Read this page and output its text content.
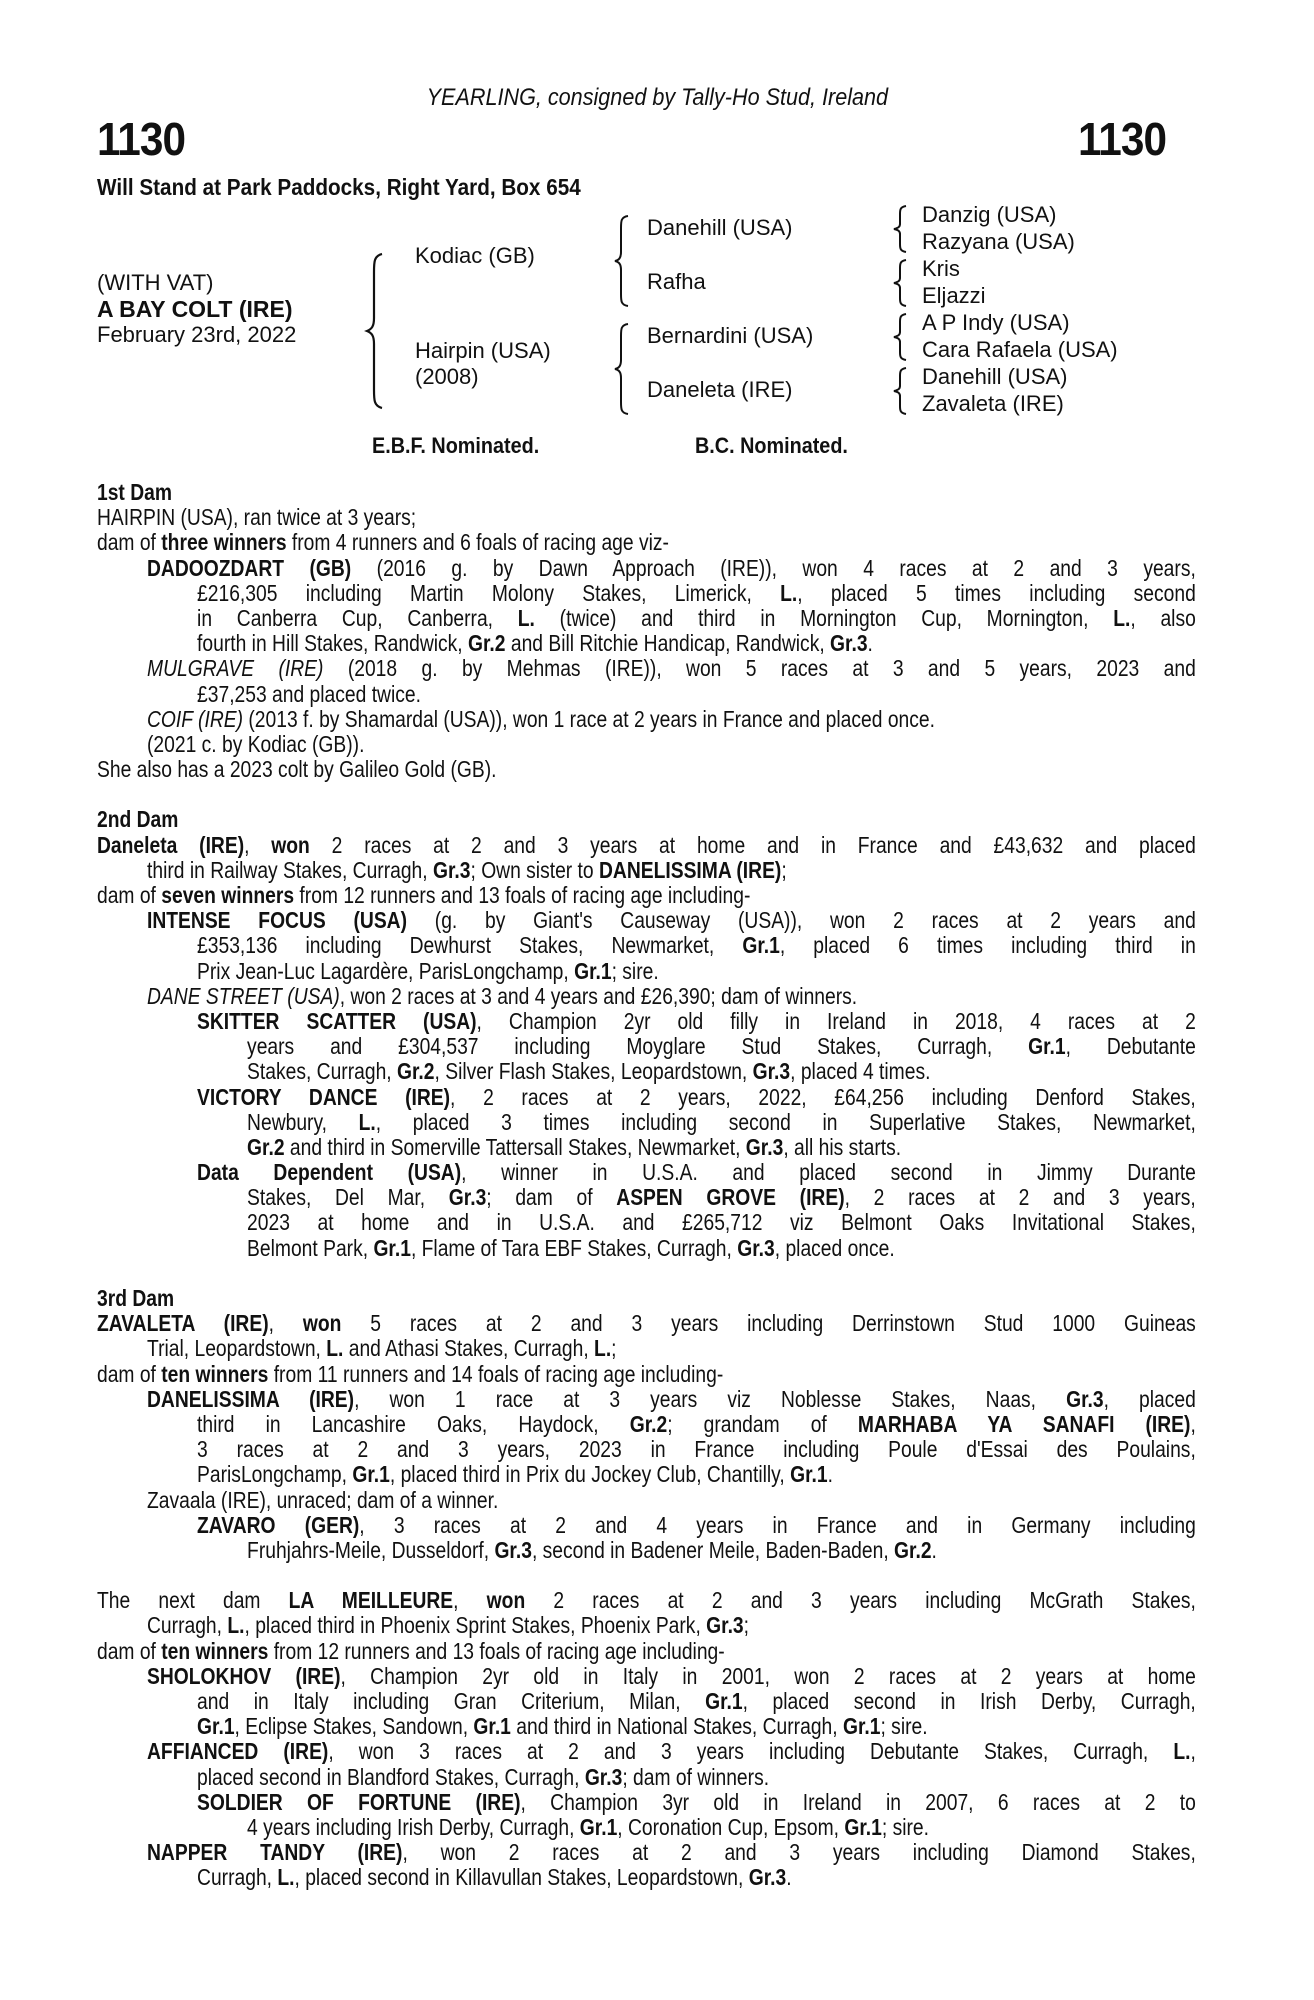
YEARLING, consigned by Tally-Ho Stud, Ireland
1130	1130
Will Stand at Park Paddocks, Right Yard, Box 654
(WITH VAT)
A BAY COLT (IRE)
February 23rd, 2022
Kodiac (GB)
Hairpin (USA)
(2008)
Danehill (USA)
Rafha
Bernardini (USA)
Daneleta (IRE)
Danzig (USA)
Razyana (USA)
Kris
Eljazzi
A P Indy (USA)
Cara Rafaela (USA)
Danehill (USA)
Zavaleta (IRE)
E.B.F. Nominated.	B.C. Nominated.
1st Dam
HAIRPIN (USA), ran twice at 3 years;
dam of three winners from 4 runners and 6 foals of racing age viz-
DADOOZDART (GB) (2016 g. by Dawn Approach (IRE)), won 4 races at 2 and 3 years,
£216,305 including Martin Molony Stakes, Limerick, L., placed 5 times including second
in Canberra Cup, Canberra, L. (twice) and third in Mornington Cup, Mornington, L., also
fourth in Hill Stakes, Randwick, Gr.2 and Bill Ritchie Handicap, Randwick, Gr.3.
MULGRAVE (IRE) (2018 g. by Mehmas (IRE)), won 5 races at 3 and 5 years, 2023 and
£37,253 and placed twice.
COIF (IRE) (2013 f. by Shamardal (USA)), won 1 race at 2 years in France and placed once.
(2021 c. by Kodiac (GB)).
She also has a 2023 colt by Galileo Gold (GB).
2nd Dam
Daneleta (IRE), won 2 races at 2 and 3 years at home and in France and £43,632 and placed
third in Railway Stakes, Curragh, Gr.3; Own sister to DANELISSIMA (IRE);
dam of seven winners from 12 runners and 13 foals of racing age including-
INTENSE FOCUS (USA) (g. by Giant's Causeway (USA)), won 2 races at 2 years and
£353,136 including Dewhurst Stakes, Newmarket, Gr.1, placed 6 times including third in
Prix Jean-Luc Lagardère, ParisLongchamp, Gr.1; sire.
DANE STREET (USA), won 2 races at 3 and 4 years and £26,390; dam of winners.
SKITTER SCATTER (USA), Champion 2yr old filly in Ireland in 2018, 4 races at 2
years and £304,537 including Moyglare Stud Stakes, Curragh, Gr.1, Debutante
Stakes, Curragh, Gr.2, Silver Flash Stakes, Leopardstown, Gr.3, placed 4 times.
VICTORY DANCE (IRE), 2 races at 2 years, 2022, £64,256 including Denford Stakes,
Newbury, L., placed 3 times including second in Superlative Stakes, Newmarket,
Gr.2 and third in Somerville Tattersall Stakes, Newmarket, Gr.3, all his starts.
Data Dependent (USA), winner in U.S.A. and placed second in Jimmy Durante
Stakes, Del Mar, Gr.3; dam of ASPEN GROVE (IRE), 2 races at 2 and 3 years,
2023 at home and in U.S.A. and £265,712 viz Belmont Oaks Invitational Stakes,
Belmont Park, Gr.1, Flame of Tara EBF Stakes, Curragh, Gr.3, placed once.
3rd Dam
ZAVALETA (IRE), won 5 races at 2 and 3 years including Derrinstown Stud 1000 Guineas
Trial, Leopardstown, L. and Athasi Stakes, Curragh, L.;
dam of ten winners from 11 runners and 14 foals of racing age including-
DANELISSIMA (IRE), won 1 race at 3 years viz Noblesse Stakes, Naas, Gr.3, placed
third in Lancashire Oaks, Haydock, Gr.2; grandam of MARHABA YA SANAFI (IRE),
3 races at 2 and 3 years, 2023 in France including Poule d'Essai des Poulains,
ParisLongchamp, Gr.1, placed third in Prix du Jockey Club, Chantilly, Gr.1.
Zavaala (IRE), unraced; dam of a winner.
ZAVARO (GER), 3 races at 2 and 4 years in France and in Germany including
Fruhjahrs-Meile, Dusseldorf, Gr.3, second in Badener Meile, Baden-Baden, Gr.2.
The next dam LA MEILLEURE, won 2 races at 2 and 3 years including McGrath Stakes,
Curragh, L., placed third in Phoenix Sprint Stakes, Phoenix Park, Gr.3;
dam of ten winners from 12 runners and 13 foals of racing age including-
SHOLOKHOV (IRE), Champion 2yr old in Italy in 2001, won 2 races at 2 years at home
and in Italy including Gran Criterium, Milan, Gr.1, placed second in Irish Derby, Curragh,
Gr.1, Eclipse Stakes, Sandown, Gr.1 and third in National Stakes, Curragh, Gr.1; sire.
AFFIANCED (IRE), won 3 races at 2 and 3 years including Debutante Stakes, Curragh, L.,
placed second in Blandford Stakes, Curragh, Gr.3; dam of winners.
SOLDIER OF FORTUNE (IRE), Champion 3yr old in Ireland in 2007, 6 races at 2 to
4 years including Irish Derby, Curragh, Gr.1, Coronation Cup, Epsom, Gr.1; sire.
NAPPER TANDY (IRE), won 2 races at 2 and 3 years including Diamond Stakes,
Curragh, L., placed second in Killavullan Stakes, Leopardstown, Gr.3.
